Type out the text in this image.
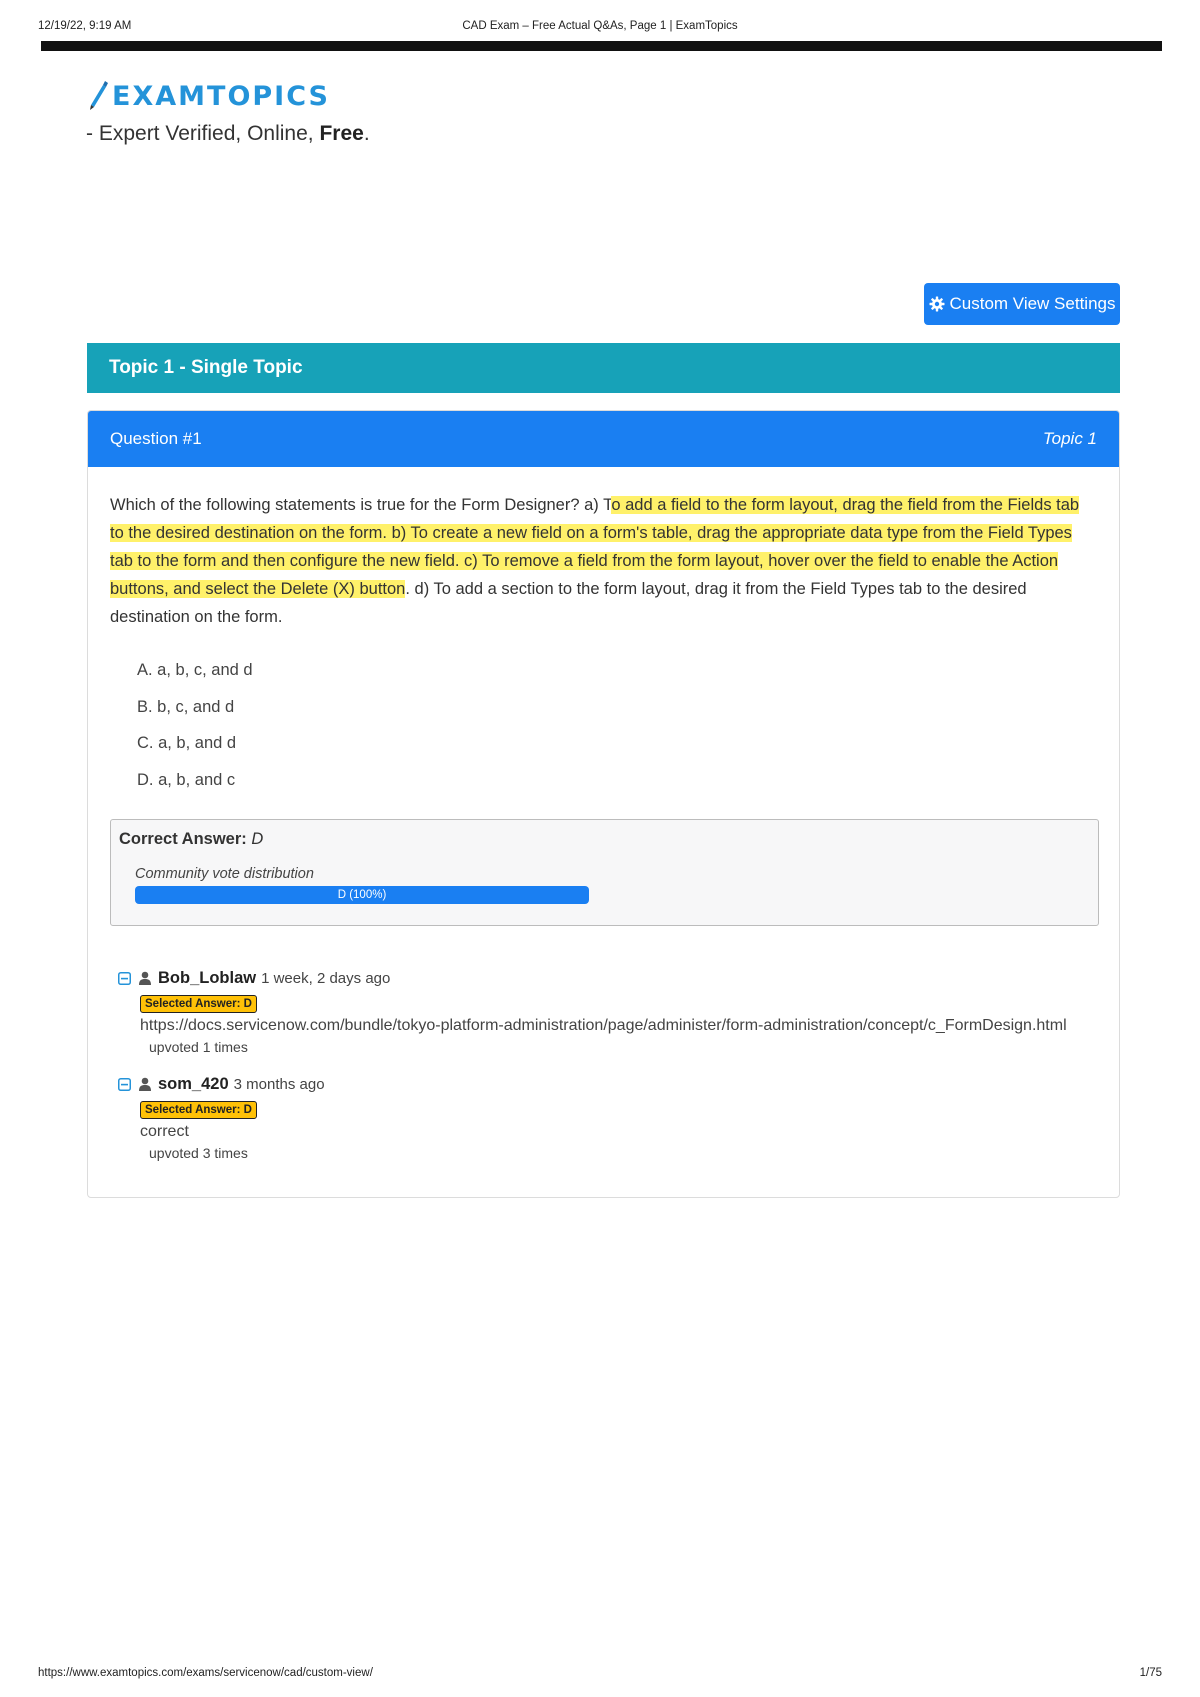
12/19/22, 9:19 AM	CAD Exam – Free Actual Q&As, Page 1 | ExamTopics
EXAMTOPICS
- Expert Verified, Online, Free.
Custom View Settings
Topic 1 - Single Topic
Question #1	Topic 1

Which of the following statements is true for the Form Designer? a) To add a field to the form layout, drag the field from the Fields tab to the desired destination on the form. b) To create a new field on a form's table, drag the appropriate data type from the Field Types tab to the form and then configure the new field. c) To remove a field from the form layout, hover over the field to enable the Action buttons, and select the Delete (X) button. d) To add a section to the form layout, drag it from the Field Types tab to the desired destination on the form.

A. a, b, c, and d
B. b, c, and d
C. a, b, and d
D. a, b, and c
Correct Answer: D
Community vote distribution
D (100%)
Bob_Loblaw 1 week, 2 days ago
Selected Answer: D
https://docs.servicenow.com/bundle/tokyo-platform-administration/page/administer/form-administration/concept/c_FormDesign.html
upvoted 1 times
som_420 3 months ago
Selected Answer: D
correct
upvoted 3 times
https://www.examtopics.com/exams/servicenow/cad/custom-view/	1/75
